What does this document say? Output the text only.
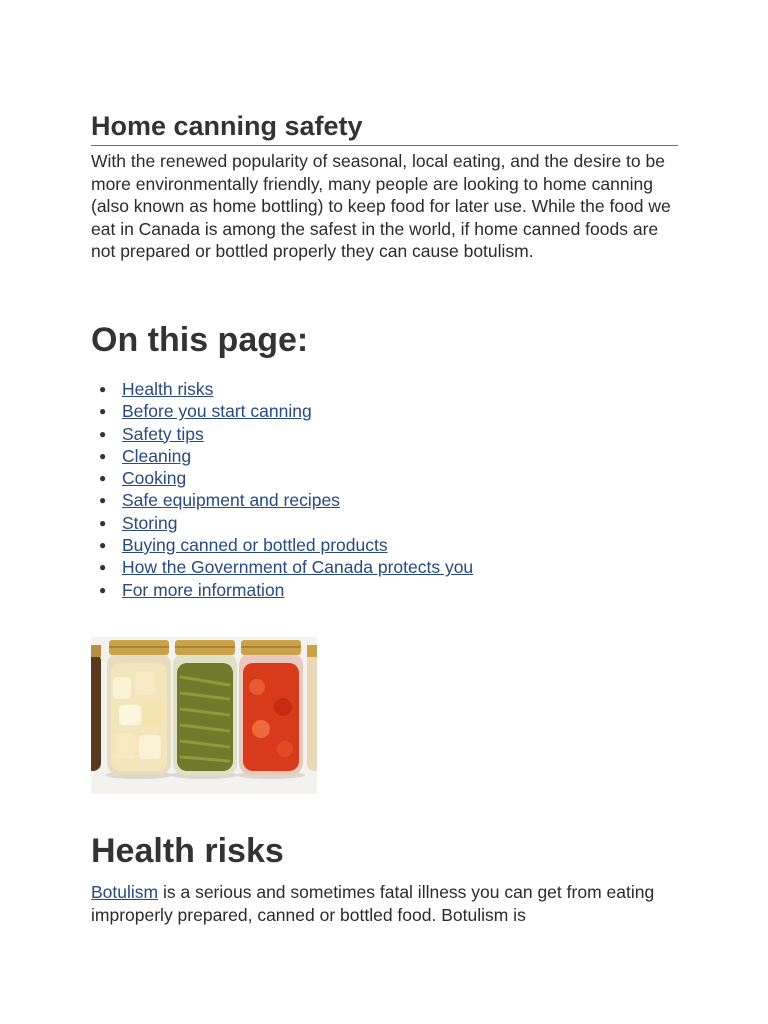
Home canning safety

With the renewed popularity of seasonal, local eating, and the desire to be more environmentally friendly, many people are looking to home canning (also known as home bottling) to keep food for later use. While the food we eat in Canada is among the safest in the world, if home canned foods are not prepared or bottled properly they can cause botulism.

On this page:
● Health risks
● Before you start canning
● Safety tips
● Cleaning
● Cooking
● Safe equipment and recipes
● Storing
● Buying canned or bottled products
● How the Government of Canada protects you
● For more information
Health risks

Botulism is a serious and sometimes fatal illness you can get from eating improperly prepared, canned or bottled food. Botulism is
